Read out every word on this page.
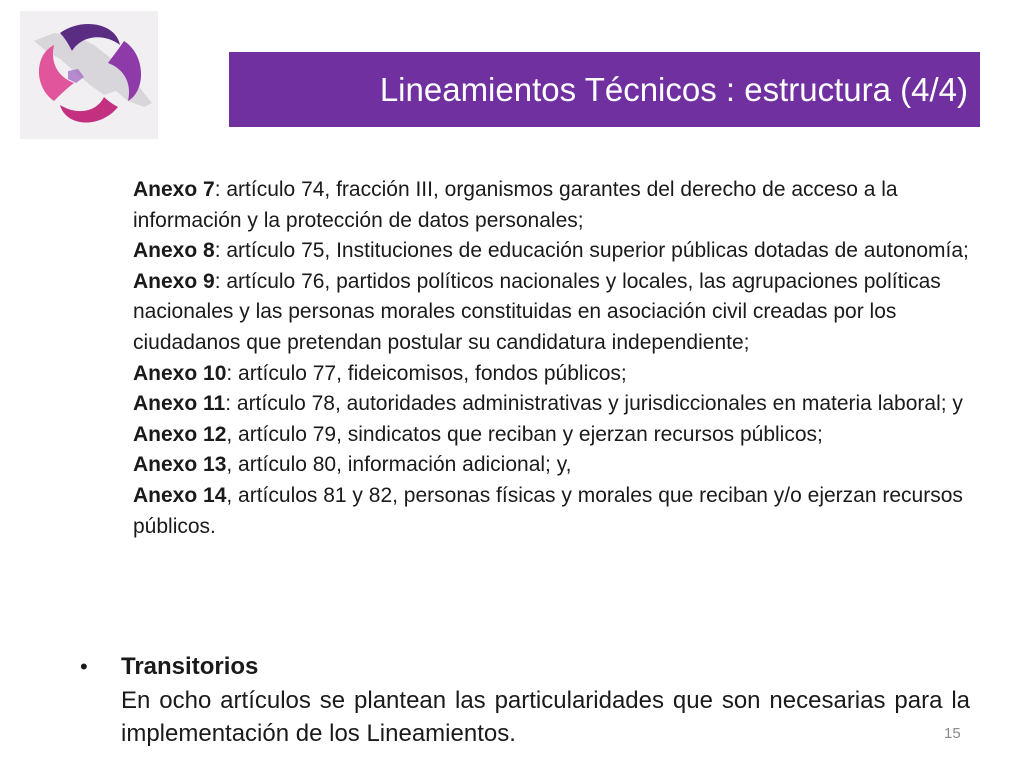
Lineamientos Técnicos : estructura (4/4)

Anexo 7: artículo 74, fracción III, organismos garantes del derecho de acceso a la información y la protección de datos personales;

Anexo 8: artículo 75, Instituciones de educación superior públicas dotadas de autonomía;

Anexo 9: artículo 76, partidos políticos nacionales y locales, las agrupaciones políticas nacionales y las personas morales constituidas en asociación civil creadas por los ciudadanos que pretendan postular su candidatura independiente;

Anexo 10: artículo 77, fideicomisos, fondos públicos;

Anexo 11: artículo 78, autoridades administrativas y jurisdiccionales en materia laboral; y

Anexo 12, artículo 79, sindicatos que reciban y ejerzan recursos públicos;

Anexo 13, artículo 80, información adicional; y,

Anexo 14, artículos 81 y 82, personas físicas y morales que reciban y/o ejerzan recursos públicos.

• Transitorios
En ocho artículos se plantean las particularidades que son necesarias para la implementación de los Lineamientos.	15
